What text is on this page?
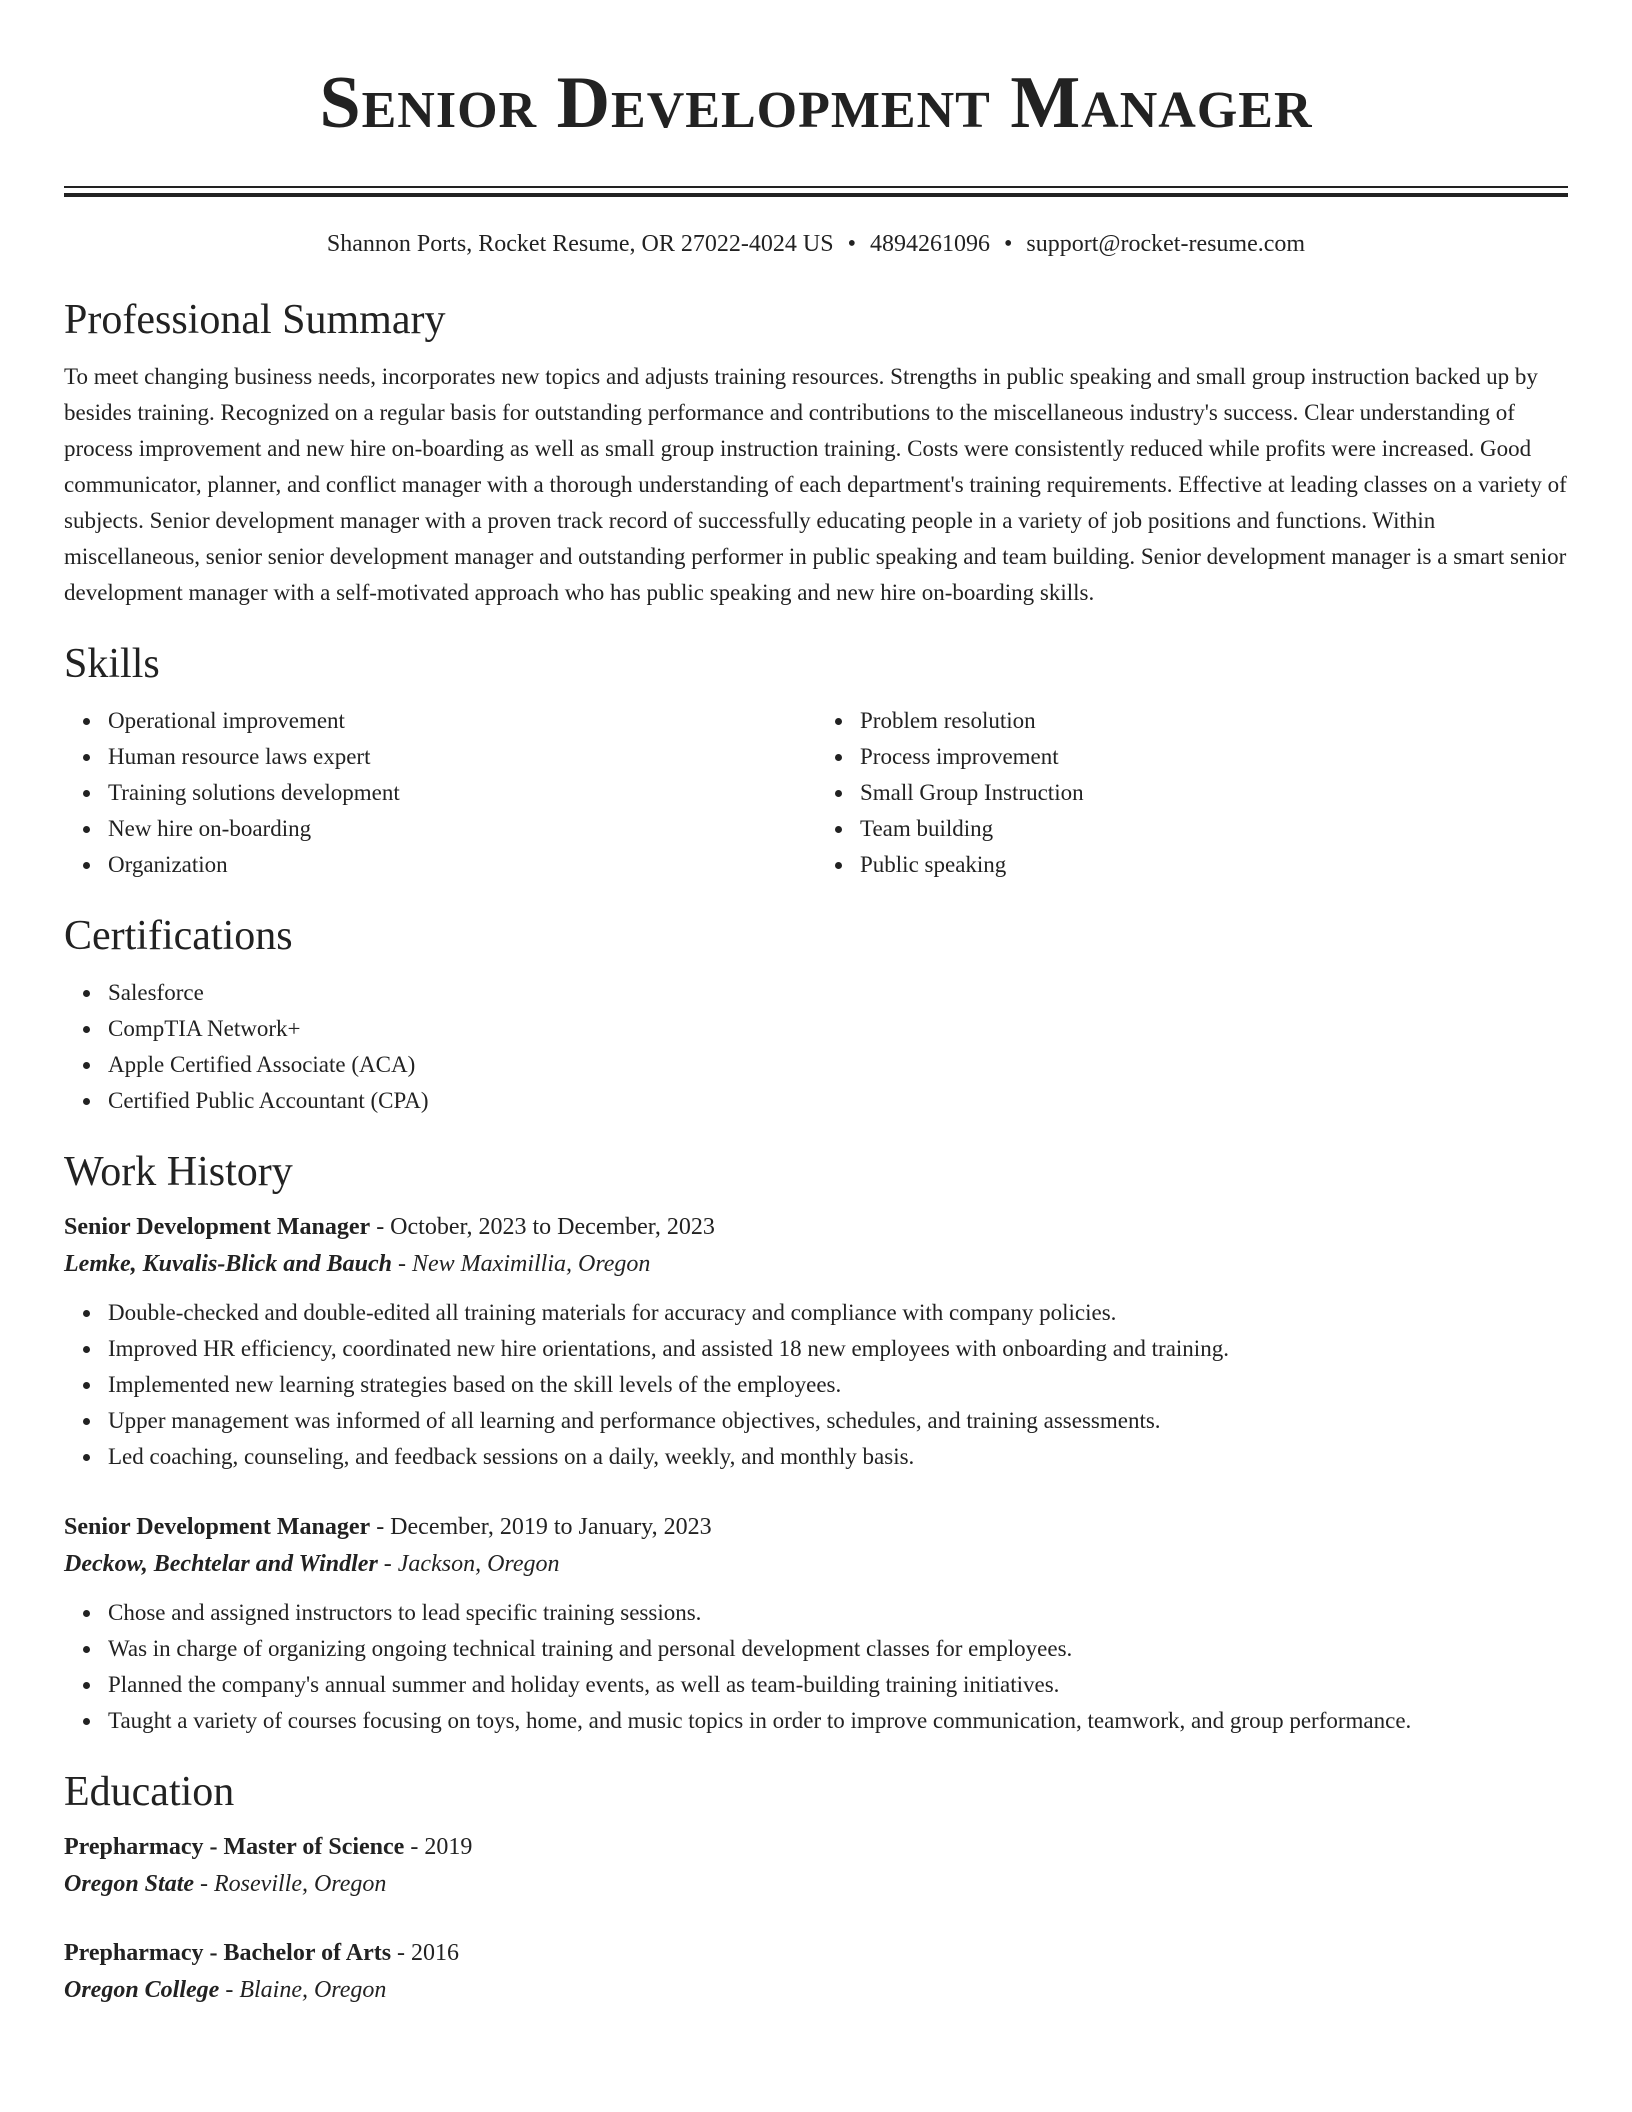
Senior Development Manager
Shannon Ports, Rocket Resume, OR 27022-4024 US • 4894261096 • support@rocket-resume.com
Professional Summary

To meet changing business needs, incorporates new topics and adjusts training resources. Strengths in public speaking and small group instruction backed up by besides training. Recognized on a regular basis for outstanding performance and contributions to the miscellaneous industry's success. Clear understanding of process improvement and new hire on-boarding as well as small group instruction training. Costs were consistently reduced while profits were increased. Good communicator, planner, and conflict manager with a thorough understanding of each department's training requirements. Effective at leading classes on a variety of subjects. Senior development manager with a proven track record of successfully educating people in a variety of job positions and functions. Within miscellaneous, senior senior development manager and outstanding performer in public speaking and team building. Senior development manager is a smart senior development manager with a self-motivated approach who has public speaking and new hire on-boarding skills.

Skills
Operational improvement
Human resource laws expert
Training solutions development
New hire on-boarding
Organization
Problem resolution
Process improvement
Small Group Instruction
Team building
Public speaking
Certifications
Salesforce
CompTIA Network+
Apple Certified Associate (ACA)
Certified Public Accountant (CPA)
Work History
Senior Development Manager - October, 2023 to December, 2023
Lemke, Kuvalis-Blick and Bauch - New Maximillia, Oregon
Double-checked and double-edited all training materials for accuracy and compliance with company policies.
Improved HR efficiency, coordinated new hire orientations, and assisted 18 new employees with onboarding and training.
Implemented new learning strategies based on the skill levels of the employees.
Upper management was informed of all learning and performance objectives, schedules, and training assessments.
Led coaching, counseling, and feedback sessions on a daily, weekly, and monthly basis.
Senior Development Manager - December, 2019 to January, 2023
Deckow, Bechtelar and Windler - Jackson, Oregon
Chose and assigned instructors to lead specific training sessions.
Was in charge of organizing ongoing technical training and personal development classes for employees.
Planned the company's annual summer and holiday events, as well as team-building training initiatives.
Taught a variety of courses focusing on toys, home, and music topics in order to improve communication, teamwork, and group performance.
Education
Prepharmacy - Master of Science - 2019
Oregon State - Roseville, Oregon
Prepharmacy - Bachelor of Arts - 2016
Oregon College - Blaine, Oregon
